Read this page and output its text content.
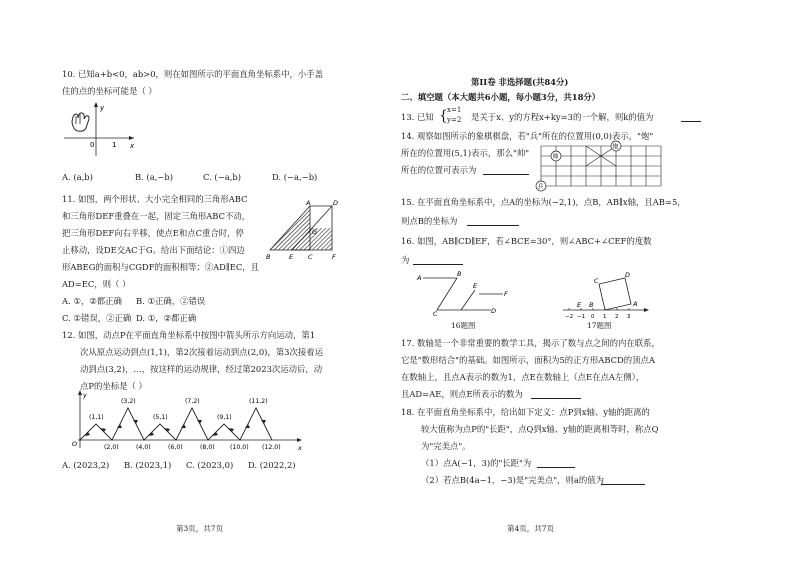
10. 已知a+b<0，ab>0，则在如图所示的平面直角坐标系中，小手盖
住的点的坐标可能是（ ）
y
x
0	1
A. (a,b)	B. (a,−b)	C. (−a,b)	D. (−a,−b)
11. 如图，两个形状、大小完全相同的三角形ABC
和三角形DEF重叠在一起，固定三角形ABC不动，
把三角形DEF向右平移，使点E和点C重合时，停
止移动，设DE交AC于G。给出下面结论：①四边
形ABEG的面积与CGDF的面积相等；②AD∥EC，且
AD=EC，则（ ）
A	D
G
B	E C	F
A. ①，②都正确 B. ①正确，②错误
C. ①错误，②正确 D. ①，②都正确
12. 如图，动点P在平面直角坐标系中按图中箭头所示方向运动，第1
次从原点运动到点(1,1)，第2次接着运动到点(2,0)，第3次接着运
动到点(3,2)，…，按这样的运动规律，经过第2023次运动后，动
点P的坐标是（ ）
y
x
O
(1,1)
(3,2)
(5,1)
(7,2)
(9,1)
(11,2)
(2,0)	(4,0)	(6,0)	(8,0) (10,0) (12,0)
A. (2023,2) B. (2023,1) C. (2023,0) D. (2022,2)
第3页，共7页
第II卷 非选择题(共84分)
二、填空题（本大题共6小题，每小题3分，共18分）
13. 已知 { x=1
y=2 是关于x、y的方程x+ky=3的一个解，则k的值为
14. 观察如图所示的象棋棋盘，若"兵"所在的位置用(0,0)表示，"炮"
所在的位置用(5,1)表示，那么"帅"
所在的位置可表示为
帅
炮
兵
15. 在平面直角坐标系中，点A的坐标为(−2,1)，点B，AB∥x轴，且AB=5，
则点B的坐标为
16. 如图，AB∥CD∥EF，若∠BCE=30°，则∠ABC+∠CEF的度数
为
A	B
C	D
E
F
16题图
C
D
B	A
E
−2 −1 0 1 2 3
17题图
17. 数轴是一个非常重要的数学工具，揭示了数与点之间的内在联系，
它是"数形结合"的基础。如图所示，面积为5的正方形ABCD的顶点A
在数轴上，且点A表示的数为1，点E在数轴上（点E在点A左侧），
且AD=AE，则点E所表示的数为
18. 在平面直角坐标系中，给出如下定义：点P到x轴、y轴的距离的
较大值称为点P的"长距"，点Q到x轴、y轴的距离相等时，称点Q
为"完美点"。
（1）点A(−1，3)的"长距"为
（2）若点B(4a−1，−3)是"完美点"，则a的值为
第4页，共7页
